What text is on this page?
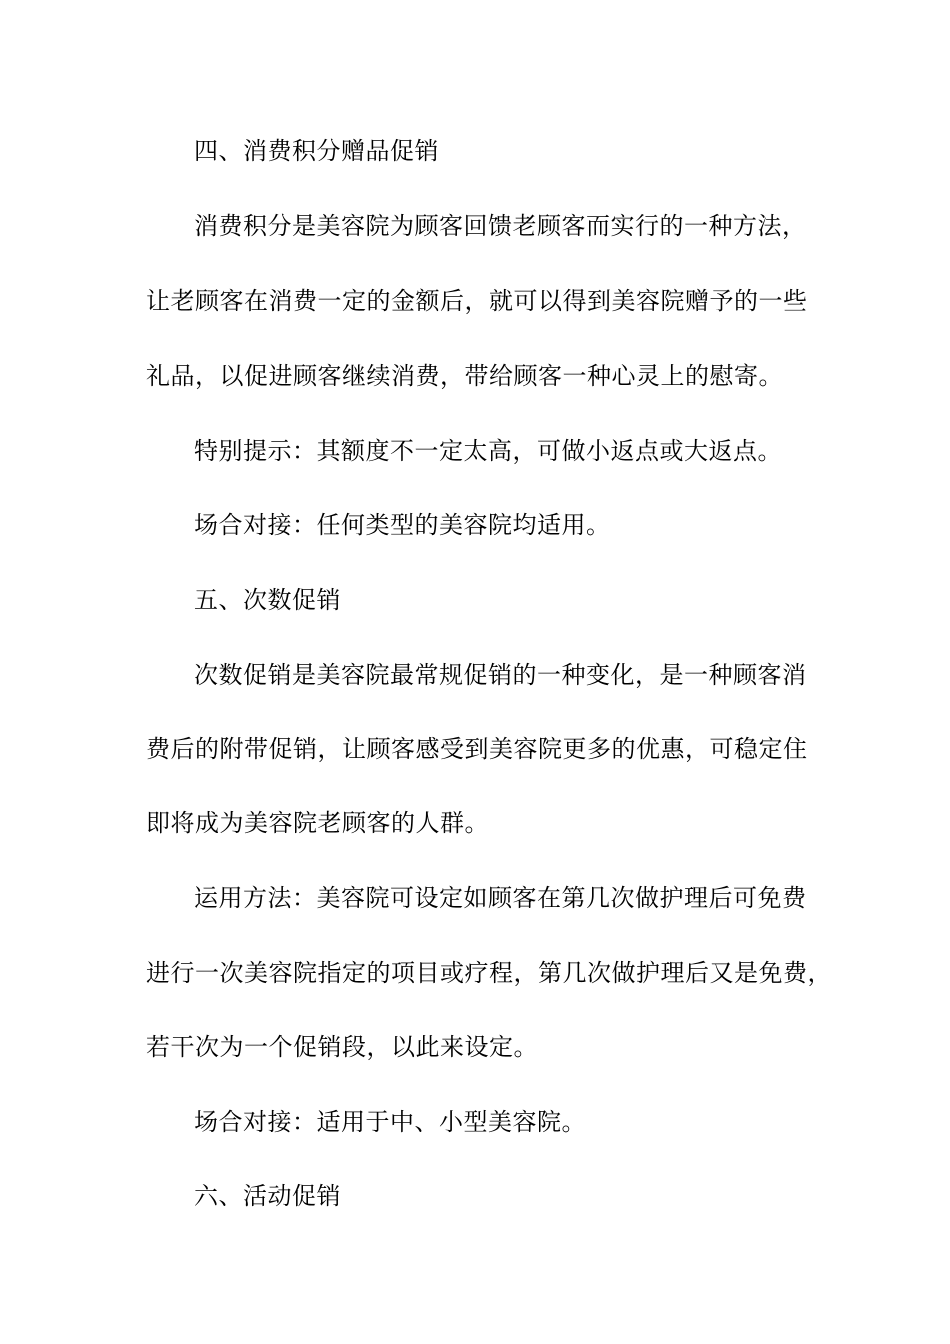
四、消费积分赠品促销
消费积分是美容院为顾客回馈老顾客而实行的一种方法，
让老顾客在消费一定的金额后，就可以得到美容院赠予的一些
礼品，以促进顾客继续消费，带给顾客一种心灵上的慰寄。
特别提示：其额度不一定太高，可做小返点或大返点。
场合对接：任何类型的美容院均适用。
五、次数促销
次数促销是美容院最常规促销的一种变化，是一种顾客消
费后的附带促销，让顾客感受到美容院更多的优惠，可稳定住
即将成为美容院老顾客的人群。
运用方法：美容院可设定如顾客在第几次做护理后可免费
进行一次美容院指定的项目或疗程，第几次做护理后又是免费，
若干次为一个促销段，以此来设定。
场合对接：适用于中、小型美容院。
六、活动促销
